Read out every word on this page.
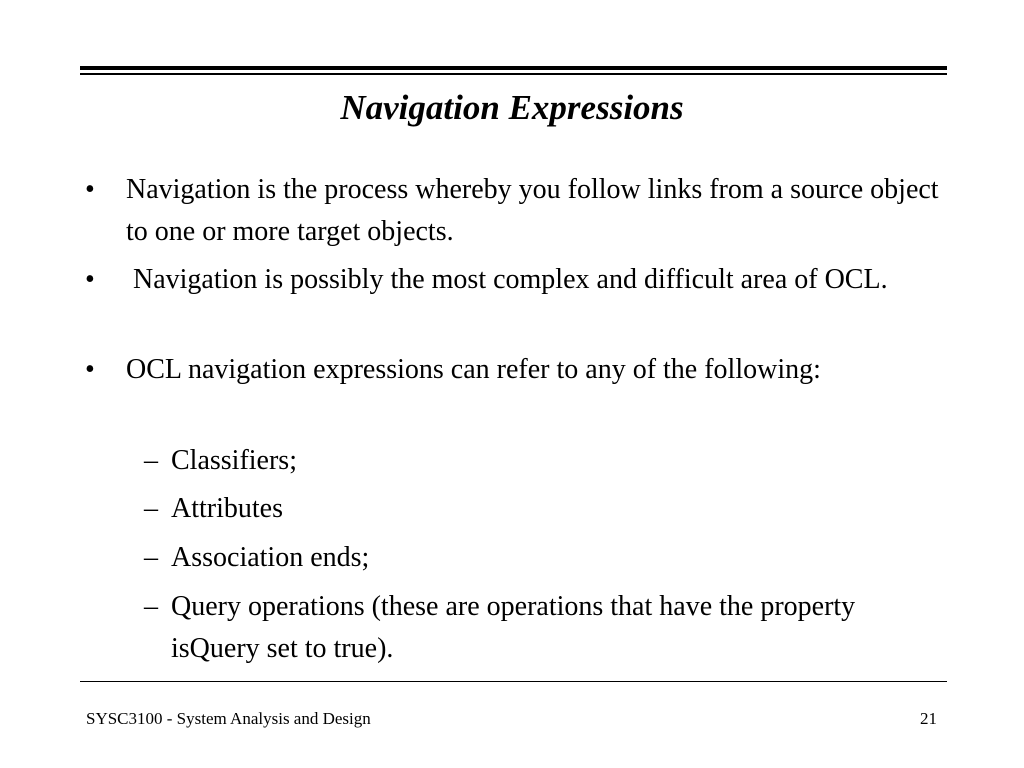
Navigation Expressions
• Navigation is the process whereby you follow links from a source object to one or more target objects.
• Navigation is possibly the most complex and difficult area of OCL.
• OCL navigation expressions can refer to any of the following:
– Classifiers;
– Attributes
– Association ends;
– Query operations (these are operations that have the property isQuery set to true).
SYSC3100 - System Analysis and Design	21
